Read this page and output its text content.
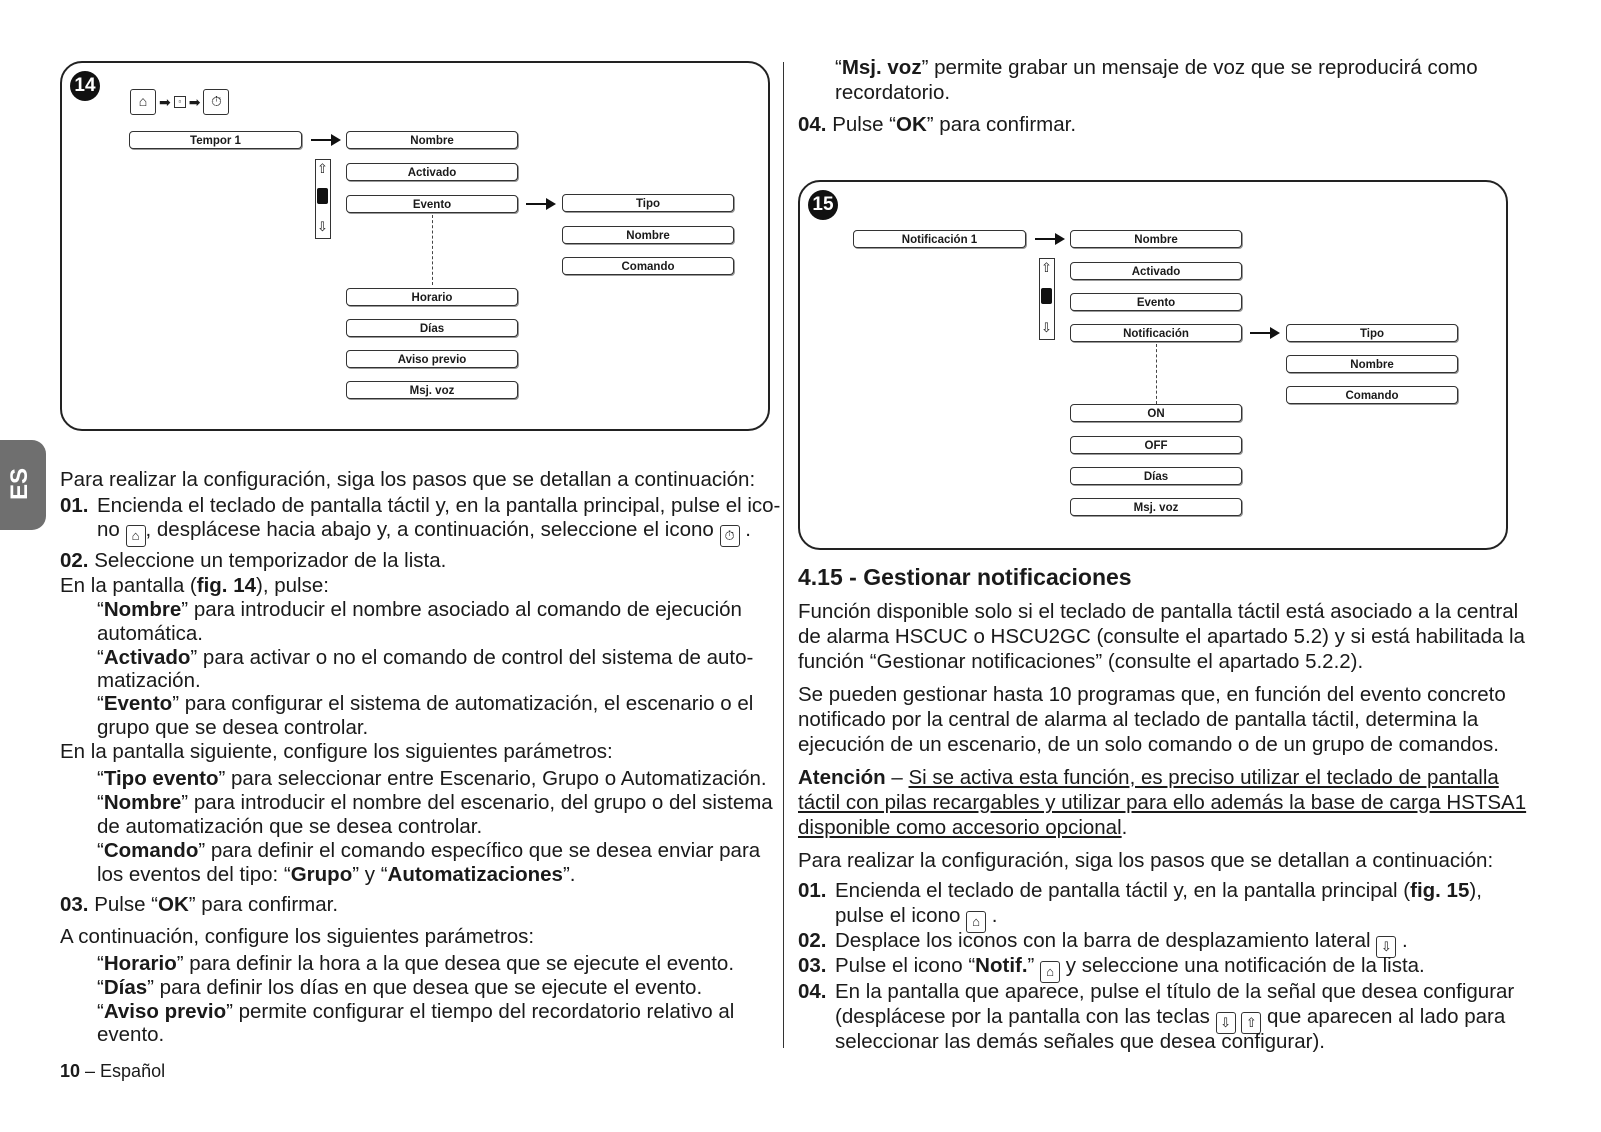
ES
14
⌂ ➡ ▫ ➡ ⏱
Tempor 1	Nombre
Activado
Evento
⇧
⇩
Tipo
Nombre
Comando
Horario
Días
Aviso previo
Msj. voz
15
Notificación 1	Nombre
Activado
Evento
Notificación
⇧
⇩	Tipo
Nombre
Comando
ON
OFF
Días
Msj. voz
Para realizar la configuración, siga los pasos que se detallan a continuación:
01. Encienda el teclado de pantalla táctil y, en la pantalla principal, pulse el ico-
no ⌂ , desplácese hacia abajo y, a continuación, seleccione el icono ⏱ .
02. Seleccione un temporizador de la lista.
En la pantalla (fig. 14), pulse:
“Nombre” para introducir el nombre asociado al comando de ejecución
automática.
“Activado” para activar o no el comando de control del sistema de auto-
matización.
“Evento” para configurar el sistema de automatización, el escenario o el
grupo que se desea controlar.
En la pantalla siguiente, configure los siguientes parámetros:
“Tipo evento” para seleccionar entre Escenario, Grupo o Automatización.
“Nombre” para introducir el nombre del escenario, del grupo o del sistema
de automatización que se desea controlar.
“Comando” para definir el comando específico que se desea enviar para
los eventos del tipo: “Grupo” y “Automatizaciones”.
03. Pulse “OK” para confirmar.
A continuación, configure los siguientes parámetros:
“Horario” para definir la hora a la que desea que se ejecute el evento.
“Días” para definir los días en que desea que se ejecute el evento.
“Aviso previo” permite configurar el tiempo del recordatorio relativo al
evento.
10 – Español
“Msj. voz” permite grabar un mensaje de voz que se reproducirá como
recordatorio.
04. Pulse “OK” para confirmar.
4.15 - Gestionar notificaciones
Función disponible solo si el teclado de pantalla táctil está asociado a la central
de alarma HSCUC o HSCU2GC (consulte el apartado 5.2) y si está habilitada la
función “Gestionar notificaciones” (consulte el apartado 5.2.2).
Se pueden gestionar hasta 10 programas que, en función del evento concreto
notificado por la central de alarma al teclado de pantalla táctil, determina la
ejecución de un escenario, de un solo comando o de un grupo de comandos.
Atención – Si se activa esta función, es preciso utilizar el teclado de pantalla
táctil con pilas recargables y utilizar para ello además la base de carga HSTSA1
disponible como accesorio opcional.
Para realizar la configuración, siga los pasos que se detallan a continuación:
01. Encienda el teclado de pantalla táctil y, en la pantalla principal (fig. 15),
pulse el icono ⌂ .
02. Desplace los iconos con la barra de desplazamiento lateral ⇩ .
03. Pulse el icono “Notif.” ⌂ y seleccione una notificación de la lista.
04. En la pantalla que aparece, pulse el título de la señal que desea configurar
(desplácese por la pantalla con las teclas ⇩ ⇧ que aparecen al lado para
seleccionar las demás señales que desea configurar).
